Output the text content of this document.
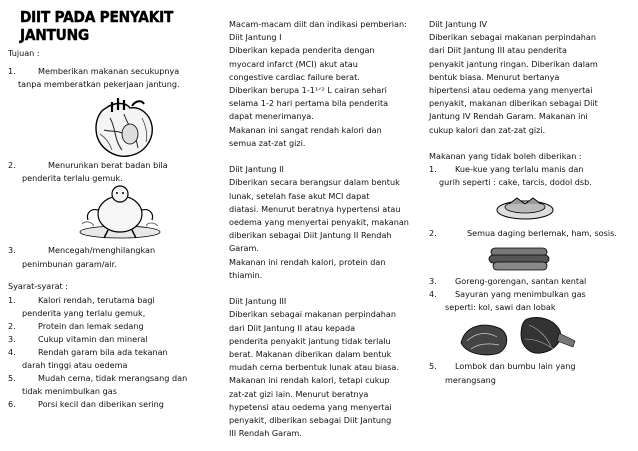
DIIT PADA PENYAKIT JANTUNG
Tujuan :
1.	Memberikan makanan secukupnya
tanpa memberatkan pekerjaan jantung.
2.	Menurunkan berat badan bila
penderita terlalu gemuk.
3.	Mencegah/menghilangkan
penimbunan garam/air.
Syarat-syarat :
1.	Kalori rendah, terutama bagi
penderita yang terlalu gemuk,
2.	Protein dan lemak sedang
3.	Cukup vitamin dan mineral
4.	Rendah garam bila ada tekanan
darah tinggi atau oedema
5.	Mudah cerna, tidak merangsang dan
tidak menimbulkan gas
6.	Porsi kecil dan diberikan sering
Macam-macam diit dan indikasi pemberian:
Diit Jantung I
Diberikan kepada penderita dengan
myocard infarct (MCI) akut atau
congestive cardiac failure berat.
Diberikan berupa 1-1¹ᐟ² L cairan sehari
selama 1-2 hari pertama bila penderita
dapat menerimanya.
Makanan ini sangat rendah kalori dan
semua zat-zat gizi.
Diit Jantung II
Diberikan secara berangsur dalam bentuk
lunak, setelah fase akut MCI dapat
diatasi. Menurut beratnya hypertensi atau
oedema yang menyertai penyakit, makanan
diberikan sebagai Diit Jantung II Rendah
Garam.
Makanan ini rendah kalori, protein dan
thiamin.
Diit Jantung III
Diberikan sebagai makanan perpindahan
dari Diit Jantung II atau kepada
penderita penyakit jantung tidak terlalu
berat. Makanan diberikan dalam bentuk
mudah cerna berbentuk lunak atau biasa.
Makanan ini rendah kalori, tetapi cukup
zat-zat gizi lain. Menurut beratnya
hypetensi atau oedema yang menyertai
penyakit, diberikan sebagai Diit Jantung
III Rendah Garam.
Diit Jantung IV
Diberikan sebagai makanan perpindahan
dari Diit Jantung III atau penderita
penyakit jantung ringan. Diberikan dalam
bentuk biasa. Menurut bertanya
hipertensi atau oedema yang menyertai
penyakit, makanan diberikan sebagai Diit
Jantung IV Rendah Garam. Makanan ini
cukup kalori dan zat-zat gizi.
Makanan yang tidak boleh diberikan :
1. Kue-kue yang terlalu manis dan
gurih seperti : cake, tarcis, dodol dsb.
2.	Semua daging berlemak, ham, sosis.
3. Goreng-gorengan, santan kental
4. Sayuran yang menimbulkan gas
seperti: kol, sawi dan lobak
5. Lombok dan bumbu lain yang
merangsang
